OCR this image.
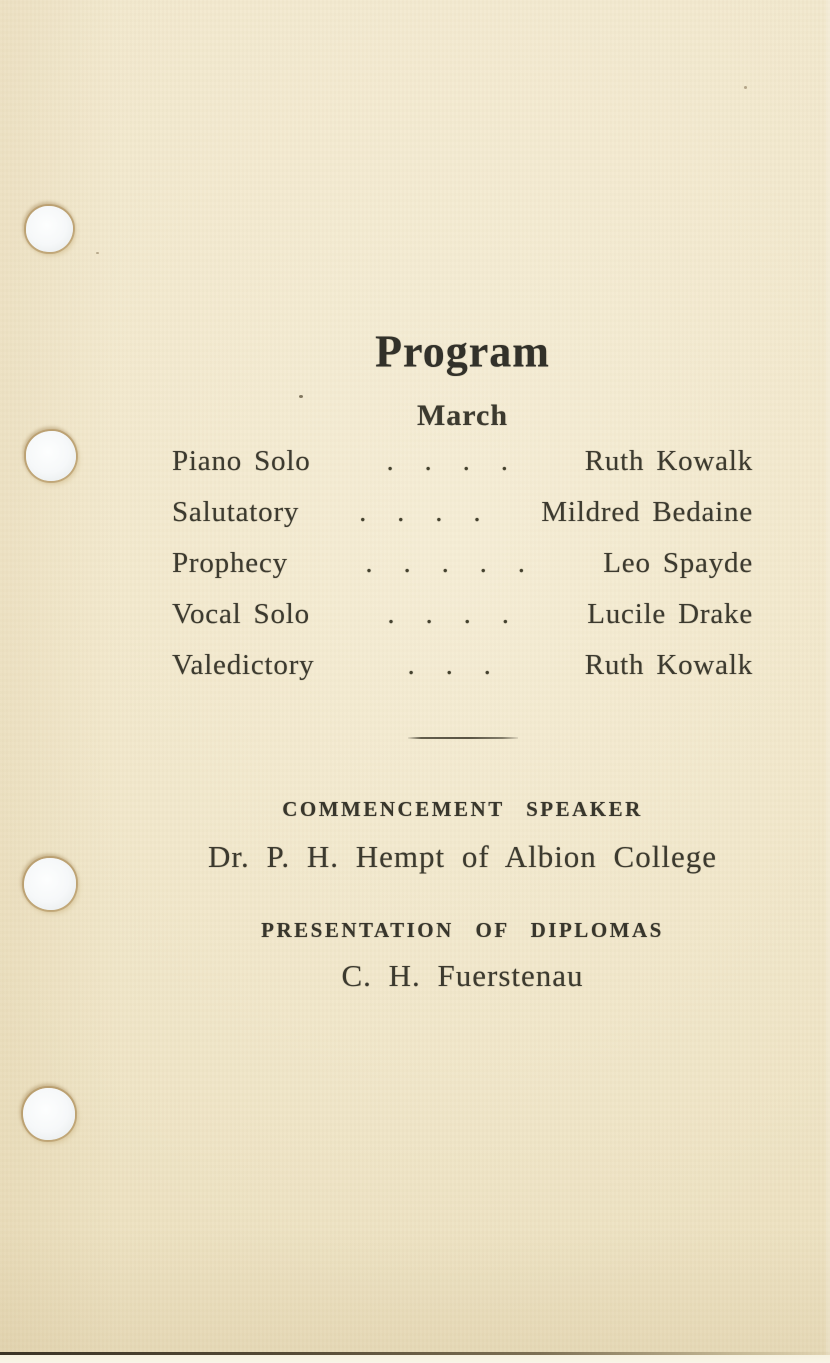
Program
March
Piano Solo	. . . .	Ruth Kowalk
Salutatory	. . . .	Mildred Bedaine
Prophecy	. . . . .	Leo Spayde
Vocal Solo	. . . .	Lucile Drake
Valedictory	. . .	Ruth Kowalk
COMMENCEMENT SPEAKER

Dr. P. H. Hempt of Albion College

PRESENTATION OF DIPLOMAS

C. H. Fuerstenau
